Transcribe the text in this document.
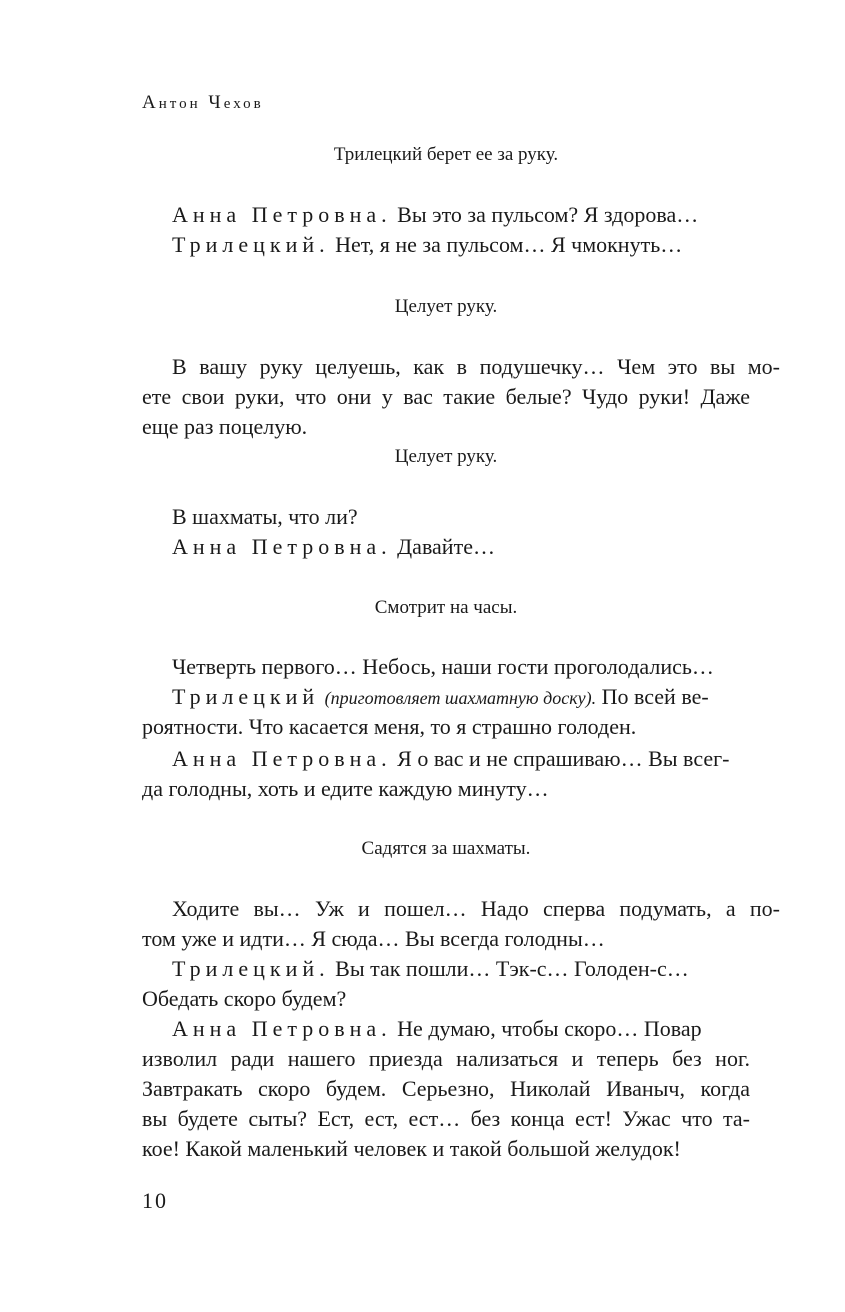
Антон Чехов
Трилецкий берет ее за руку.
Анна Петровна. Вы это за пульсом? Я здорова…
Трилецкий. Нет, я не за пульсом… Я чмокнуть…
Целует руку.
В вашу руку целуешь, как в подушечку… Чем это вы мо-
ете свои руки, что они у вас такие белые? Чудо руки! Даже
еще раз поцелую.
Целует руку.
В шахматы, что ли?
Анна Петровна. Давайте…
Смотрит на часы.
Четверть первого… Небось, наши гости проголодались…
Трилецкий (приготовляет шахматную доску). По всей ве-
роятности. Что касается меня, то я страшно голоден.
Анна Петровна. Я о вас и не спрашиваю… Вы всег-
да голодны, хоть и едите каждую минуту…
Садятся за шахматы.
Ходите вы… Уж и пошел… Надо сперва подумать, а по-
том уже и идти… Я сюда… Вы всегда голодны…
Трилецкий. Вы так пошли… Тэк-с… Голоден-с…
Обедать скоро будем?
Анна Петровна. Не думаю, чтобы скоро… Повар
изволил ради нашего приезда нализаться и теперь без ног.
Завтракать скоро будем. Серьезно, Николай Иваныч, когда
вы будете сыты? Ест, ест, ест… без конца ест! Ужас что та-
кое! Какой маленький человек и такой большой желудок!
10
